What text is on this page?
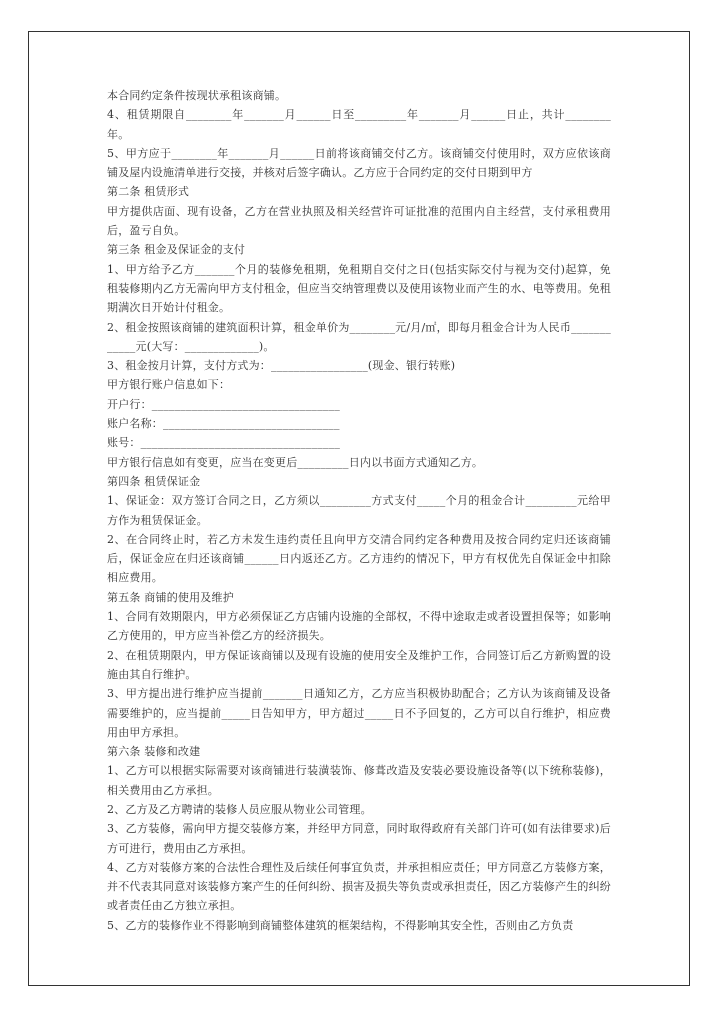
本合同约定条件按现状承租该商铺。

4、租赁期限自________年_______月______日至_________年_______月______日止，共计________年。

5、甲方应于________年_______月______日前将该商铺交付乙方。该商铺交付使用时，双方应依该商铺及屋内设施清单进行交接，并核对后签字确认。乙方应于合同约定的交付日期到甲方

第二条 租赁形式

甲方提供店面、现有设备，乙方在营业执照及相关经营许可证批准的范围内自主经营，支付承租费用后，盈亏自负。

第三条 租金及保证金的支付

1、甲方给予乙方_______个月的装修免租期，免租期自交付之日(包括实际交付与视为交付)起算，免租装修期内乙方无需向甲方支付租金，但应当交纳管理费以及使用该物业而产生的水、电等费用。免租期满次日开始计付租金。

2、租金按照该商铺的建筑面积计算，租金单价为________元/月/㎡，即每月租金合计为人民币____________元(大写：_____________)。

3、租金按月计算，支付方式为：_________________(现金、银行转账)

甲方银行账户信息如下：

开户行：_________________________________

账户名称：_______________________________

账号：___________________________________

甲方银行信息如有变更，应当在变更后_________日内以书面方式通知乙方。

第四条 租赁保证金

1、保证金：双方签订合同之日，乙方须以_________方式支付_____个月的租金合计_________元给甲方作为租赁保证金。

2、在合同终止时，若乙方未发生违约责任且向甲方交清合同约定各种费用及按合同约定归还该商铺后，保证金应在归还该商铺______日内返还乙方。乙方违约的情况下，甲方有权优先自保证金中扣除相应费用。

第五条 商铺的使用及维护

1、合同有效期限内，甲方必须保证乙方店铺内设施的全部权，不得中途取走或者设置担保等；如影响乙方使用的，甲方应当补偿乙方的经济损失。

2、在租赁期限内，甲方保证该商铺以及现有设施的使用安全及维护工作，合同签订后乙方新购置的设施由其自行维护。

3、甲方提出进行维护应当提前_______日通知乙方，乙方应当积极协助配合；乙方认为该商铺及设备需要维护的，应当提前_____日告知甲方，甲方超过_____日不予回复的，乙方可以自行维护，相应费用由甲方承担。

第六条 装修和改建

1、乙方可以根据实际需要对该商铺进行装潢装饰、修葺改造及安装必要设施设备等(以下统称装修)，相关费用由乙方承担。

2、乙方及乙方聘请的装修人员应服从物业公司管理。

3、乙方装修，需向甲方提交装修方案，并经甲方同意，同时取得政府有关部门许可(如有法律要求)后方可进行，费用由乙方承担。

4、乙方对装修方案的合法性合理性及后续任何事宜负责，并承担相应责任；甲方同意乙方装修方案，并不代表其同意对该装修方案产生的任何纠纷、损害及损失等负责或承担责任，因乙方装修产生的纠纷或者责任由乙方独立承担。

5、乙方的装修作业不得影响到商铺整体建筑的框架结构，不得影响其安全性，否则由乙方负责
